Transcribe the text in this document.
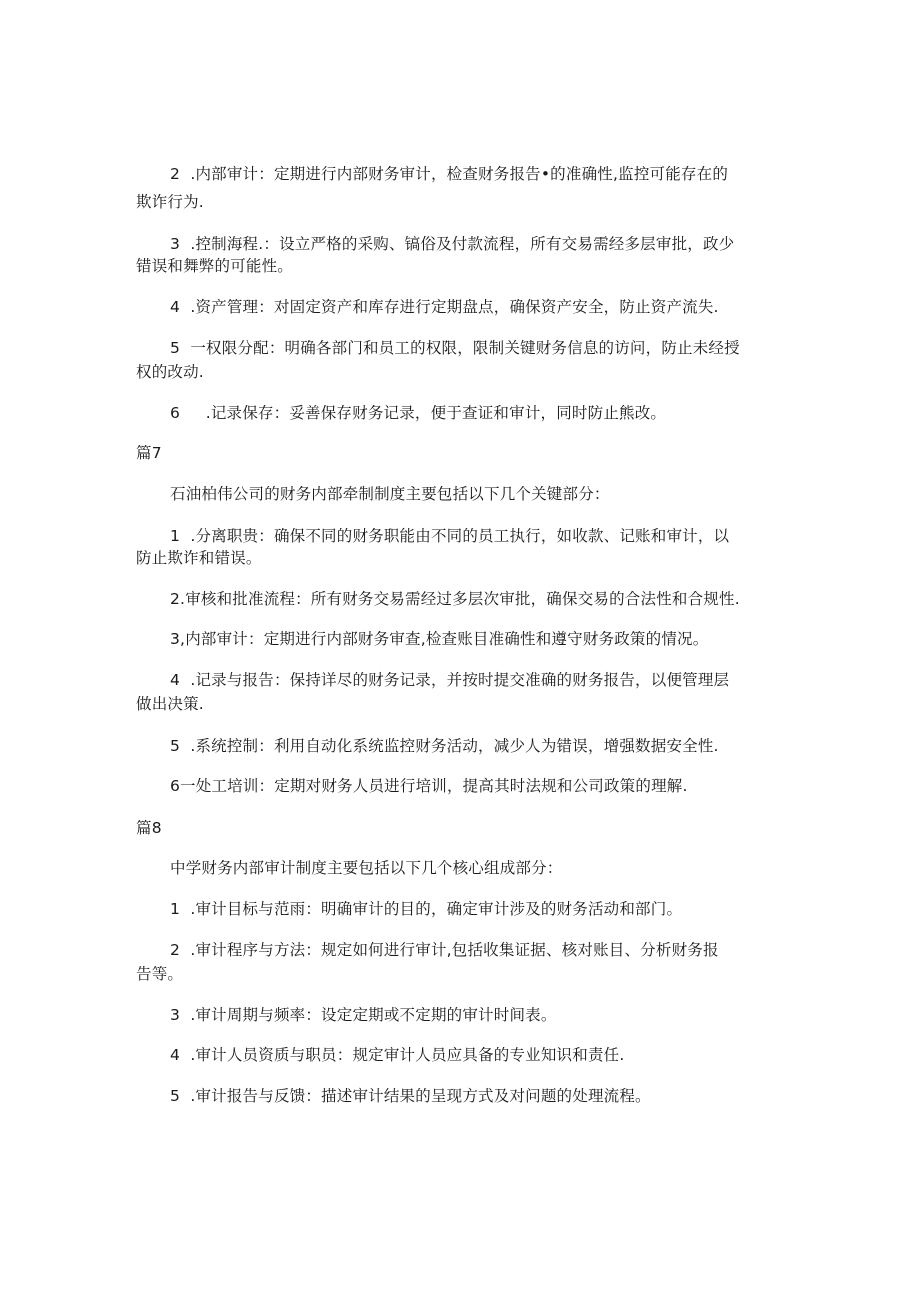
2  .内部审计：定期进行内部财务审计，检查财务报告•的准确性,监控可能存在的
欺诈行为.
3  .控制海程.：设立严格的采购、镐俗及付款流程，所有交易需经多层审批，政少
错误和舞弊的可能性。
4  .资产管理：对固定资产和库存进行定期盘点，确保资产安全，防止资产流失.
5  一权限分配：明确各部门和员工的权限，限制关键财务信息的访问，防止未经授
权的改动.
6     .记录保存：妥善保存财务记录，便于查证和审计，同时防止熊改。
篇7
石油柏伟公司的财务内部牵制制度主要包括以下几个关键部分：
1  .分离职贵：确保不同的财务职能由不同的员工执行，如收款、记账和审计，以
防止欺诈和错误。
2.审核和批准流程：所有财务交易需经过多层次审批，确保交易的合法性和合规性.
3,内部审计：定期进行内部财务审查,检查账目准确性和遵守财务政策的情况。
4  .记录与报告：保持详尽的财务记录，并按时提交准确的财务报告，以便管理层
做出决策.
5  .系统控制：利用自动化系统监控财务活动，减少人为错误，增强数据安全性.
6一处工培训：定期对财务人员进行培训，提高其时法规和公司政策的理解.
篇8
中学财务内部审计制度主要包括以下几个核心组成部分：
1  .审计目标与范雨：明确审计的目的，确定审计涉及的财务活动和部门。
2  .审计程序与方法：规定如何进行审计,包括收集证据、核对账目、分析财务报
告等。
3  .审计周期与频率：设定定期或不定期的审计时间表。
4  .审计人员资质与职员：规定审计人员应具备的专业知识和责任.
5  .审计报告与反馈：描述审计结果的呈现方式及对问题的处理流程。
